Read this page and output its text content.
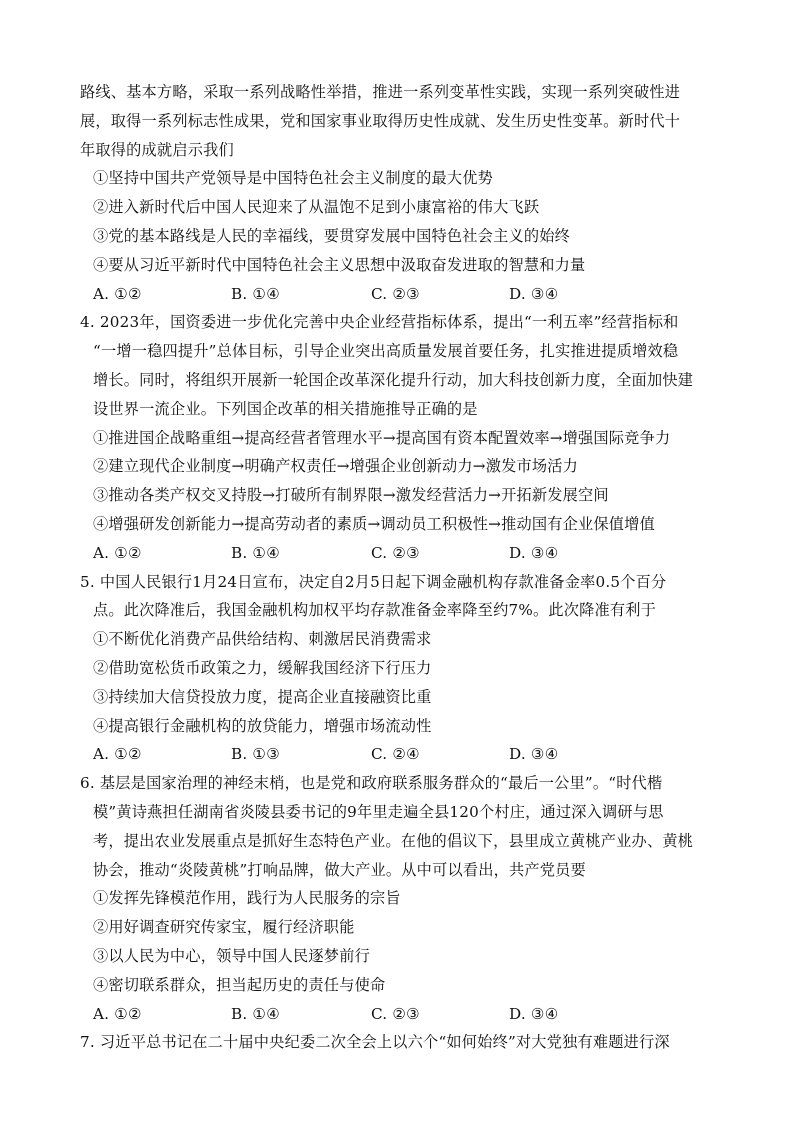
路线、基本方略，采取一系列战略性举措，推进一系列变革性实践，实现一系列突破性进
展，取得一系列标志性成果，党和国家事业取得历史性成就、发生历史性变革。新时代十
年取得的成就启示我们
①坚持中国共产党领导是中国特色社会主义制度的最大优势
②进入新时代后中国人民迎来了从温饱不足到小康富裕的伟大飞跃
③党的基本路线是人民的幸福线，要贯穿发展中国特色社会主义的始终
④要从习近平新时代中国特色社会主义思想中汲取奋发进取的智慧和力量
A. ①②	B. ①④	C. ②③	D. ③④
4. 2023年，国资委进一步优化完善中央企业经营指标体系，提出“一利五率”经营指标和
“一增一稳四提升”总体目标，引导企业突出高质量发展首要任务，扎实推进提质增效稳
增长。同时，将组织开展新一轮国企改革深化提升行动，加大科技创新力度，全面加快建
设世界一流企业。下列国企改革的相关措施推导正确的是
①推进国企战略重组→提高经营者管理水平→提高国有资本配置效率→增强国际竞争力
②建立现代企业制度→明确产权责任→增强企业创新动力→激发市场活力
③推动各类产权交叉持股→打破所有制界限→激发经营活力→开拓新发展空间
④增强研发创新能力→提高劳动者的素质→调动员工积极性→推动国有企业保值增值
A. ①②	B. ①④	C. ②③	D. ③④
5. 中国人民银行1月24日宣布，决定自2月5日起下调金融机构存款准备金率0.5个百分
点。此次降准后，我国金融机构加权平均存款准备金率降至约7%。此次降准有利于
①不断优化消费产品供给结构、刺激居民消费需求
②借助宽松货币政策之力，缓解我国经济下行压力
③持续加大信贷投放力度，提高企业直接融资比重
④提高银行金融机构的放贷能力，增强市场流动性
A. ①②	B. ①③	C. ②④	D. ③④
6. 基层是国家治理的神经末梢，也是党和政府联系服务群众的“最后一公里”。“时代楷
模”黄诗燕担任湖南省炎陵县委书记的9年里走遍全县120个村庄，通过深入调研与思
考，提出农业发展重点是抓好生态特色产业。在他的倡议下，县里成立黄桃产业办、黄桃
协会，推动“炎陵黄桃”打响品牌，做大产业。从中可以看出，共产党员要
①发挥先锋模范作用，践行为人民服务的宗旨
②用好调查研究传家宝，履行经济职能
③以人民为中心，领导中国人民逐梦前行
④密切联系群众，担当起历史的责任与使命
A. ①②	B. ①④	C. ②③	D. ③④
7. 习近平总书记在二十届中央纪委二次全会上以六个“如何始终”对大党独有难题进行深
